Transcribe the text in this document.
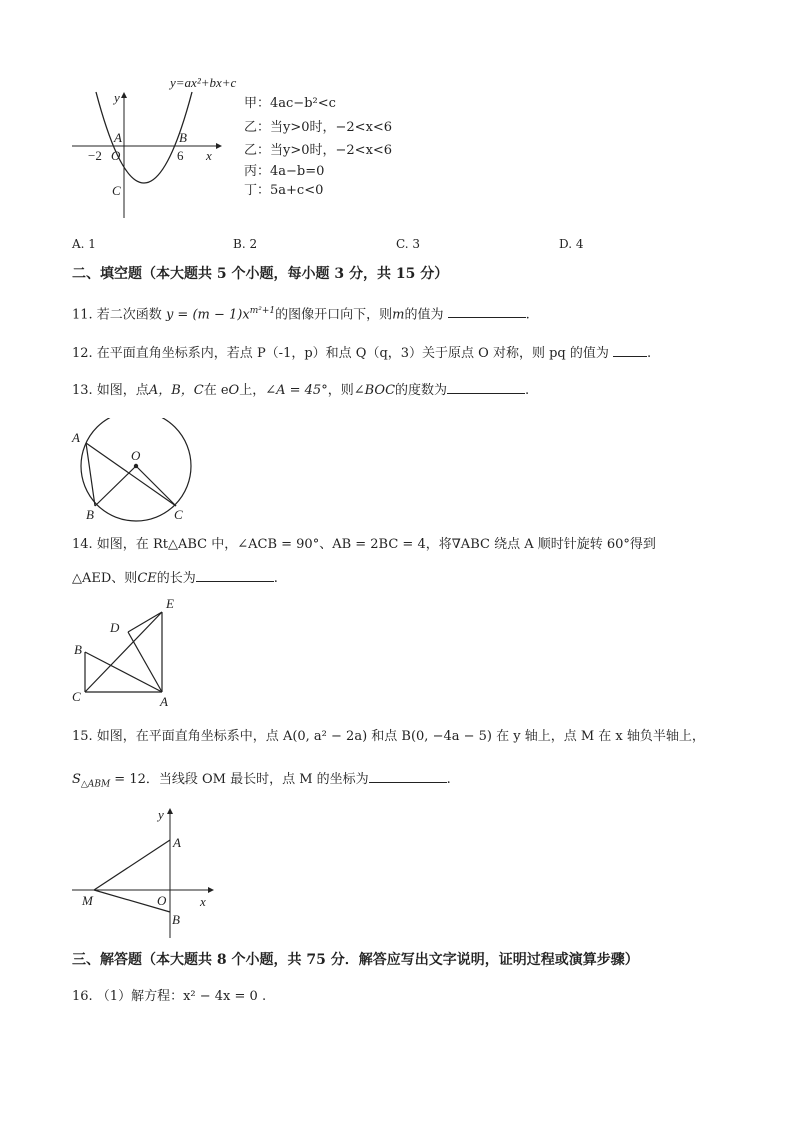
y=ax²+bx+c
y
x
A	B
O
C
−2	6
甲：4ac−b²<c
乙：当y>0时，−2<x<6
乙：当y>0时，−2<x<6
丙：4a−b=0
丁：5a+c<0
A. 1	B. 2	C. 3	D. 4
二、填空题（本大题共 5 个小题，每小题 3 分，共 15 分）
11. 若二次函数 $y = (m - 1)x^{m^2+1}$的图像开口向下，则m的值为	.
12. 在平面直角坐标系内，若点 P（-1，p）和点 Q（q，3）关于原点 O 对称，则 pq 的值为	.
13. 如图，点A，B，C在 eO上，∠A = 45°，则∠BOC的度数为	.
A
O
B	C
14. 如图，在 Rt△ABC 中，∠ACB = 90°、AB = 2BC = 4，将∇ABC 绕点 A 顺时针旋转 60°得到
△AED、则CE的长为	.
E
D
B
C	A
15. 如图，在平面直角坐标系中，点 A(0, a² − 2a) 和点 B(0, −4a − 5) 在 y 轴上，点 M 在 x 轴负半轴上，
$S_{\triangle ABM} = 12$．当线段 OM 最长时，点 M 的坐标为	.
y
A
M	O	x
B
三、解答题（本大题共 8 个小题，共 75 分．解答应写出文字说明，证明过程或演算步骤）
16. （1）解方程：x² − 4x = 0 .
